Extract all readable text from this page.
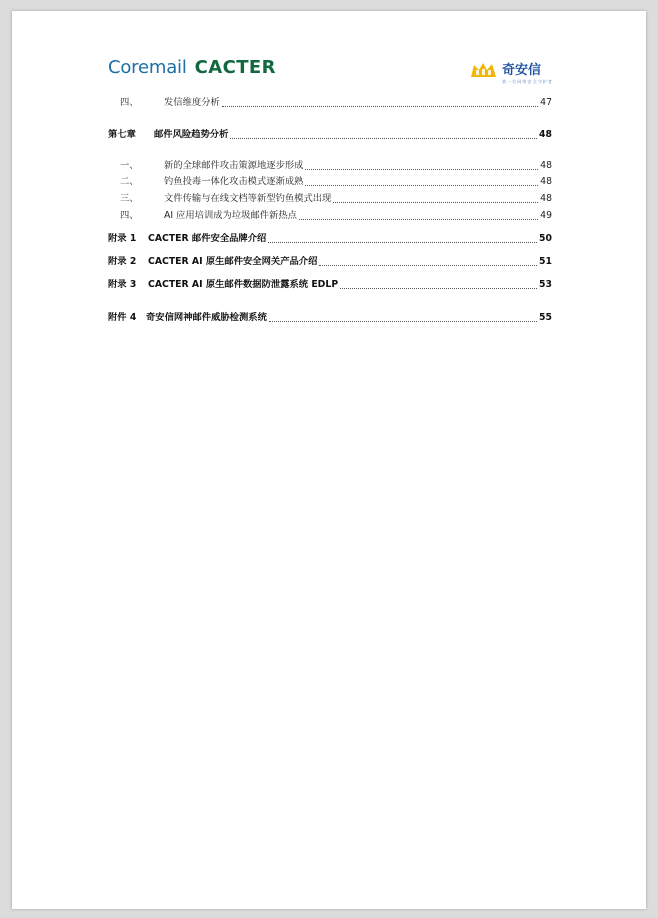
Coremail CACTER	奇安信
第一位网络安全守护者
四、	发信维度分析	47
第七章	邮件风险趋势分析	48
一、	新的全球邮件攻击策源地逐步形成	48
二、	钓鱼投毒一体化攻击模式逐渐成熟	48
三、	文件传输与在线文档等新型钓鱼模式出现	48
四、	AI 应用培训成为垃圾邮件新热点	49
附录 1	CACTER 邮件安全品牌介绍	50
附录 2	CACTER AI 原生邮件安全网关产品介绍	51
附录 3	CACTER AI 原生邮件数据防泄露系统 EDLP	53
附件 4	奇安信网神邮件威胁检测系统	55
